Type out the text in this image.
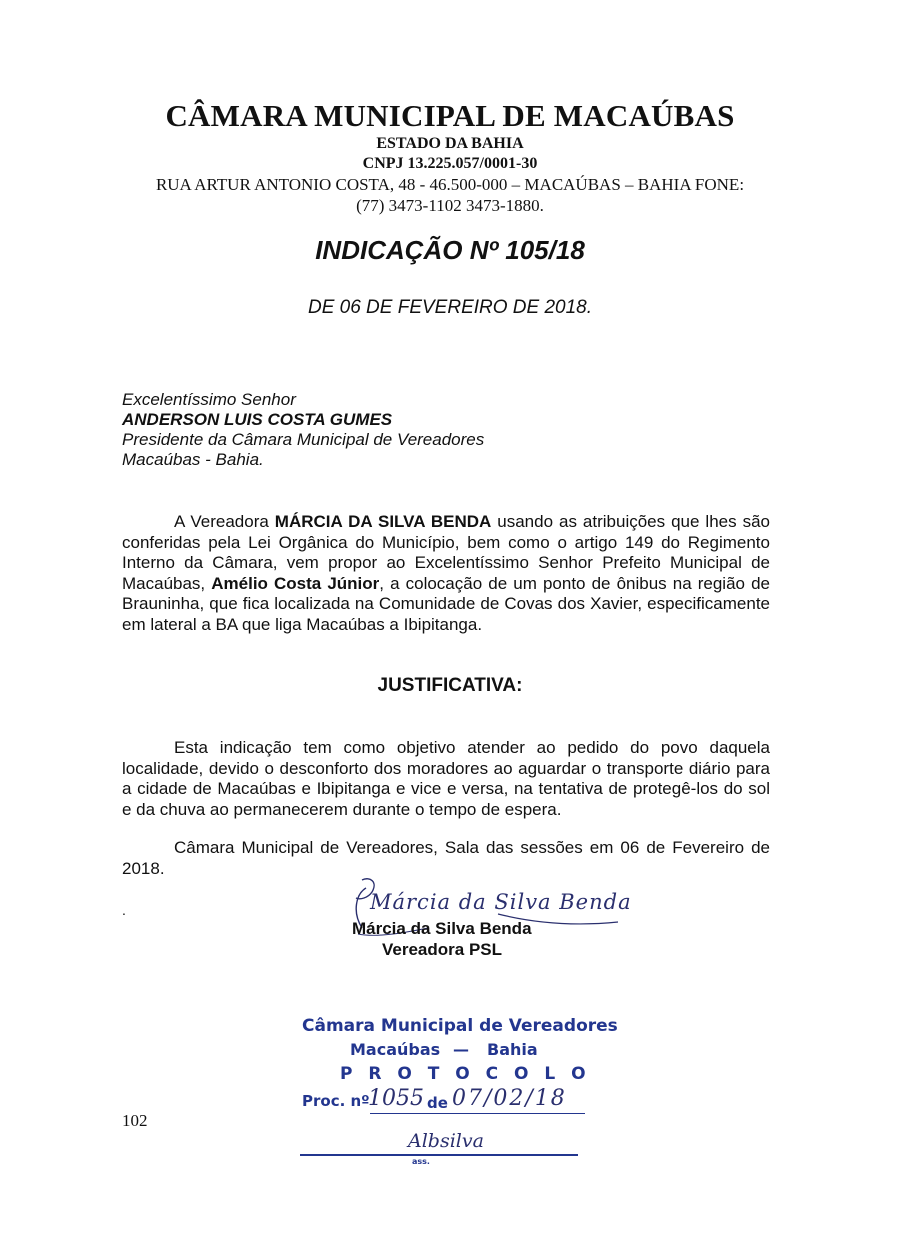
CÂMARA MUNICIPAL DE MACAÚBAS
ESTADO DA BAHIA
CNPJ 13.225.057/0001-30
RUA ARTUR ANTONIO COSTA, 48 - 46.500-000 – MACAÚBAS – BAHIA FONE:
(77) 3473-1102 3473-1880.
INDICAÇÃO Nº 105/18
DE 06 DE FEVEREIRO DE 2018.
Excelentíssimo Senhor
ANDERSON LUIS COSTA GUMES
Presidente da Câmara Municipal de Vereadores
Macaúbas - Bahia.
A Vereadora MÁRCIA DA SILVA BENDA usando as atribuições que lhes são conferidas pela Lei Orgânica do Município, bem como o artigo 149 do Regimento Interno da Câmara, vem propor ao Excelentíssimo Senhor Prefeito Municipal de Macaúbas, Amélio Costa Júnior, a colocação de um ponto de ônibus na região de Brauninha, que fica localizada na Comunidade de Covas dos Xavier, especificamente em lateral a BA que liga Macaúbas a Ibipitanga.
JUSTIFICATIVA:
Esta indicação tem como objetivo atender ao pedido do povo daquela localidade, devido o desconforto dos moradores ao aguardar o transporte diário para a cidade de Macaúbas e Ibipitanga e vice e versa, na tentativa de protegê-los do sol e da chuva ao permanecerem durante o tempo de espera.
Câmara Municipal de Vereadores, Sala das sessões em 06 de Fevereiro de 2018.
.	Márcia da Silva Benda
Márcia da Silva Benda
Vereadora PSL
Câmara Municipal de Vereadores
Macaúbas — Bahia
P R O T O C O L O
Proc. nº
1055 de 07/02/18
Albsilva
ass.
102
